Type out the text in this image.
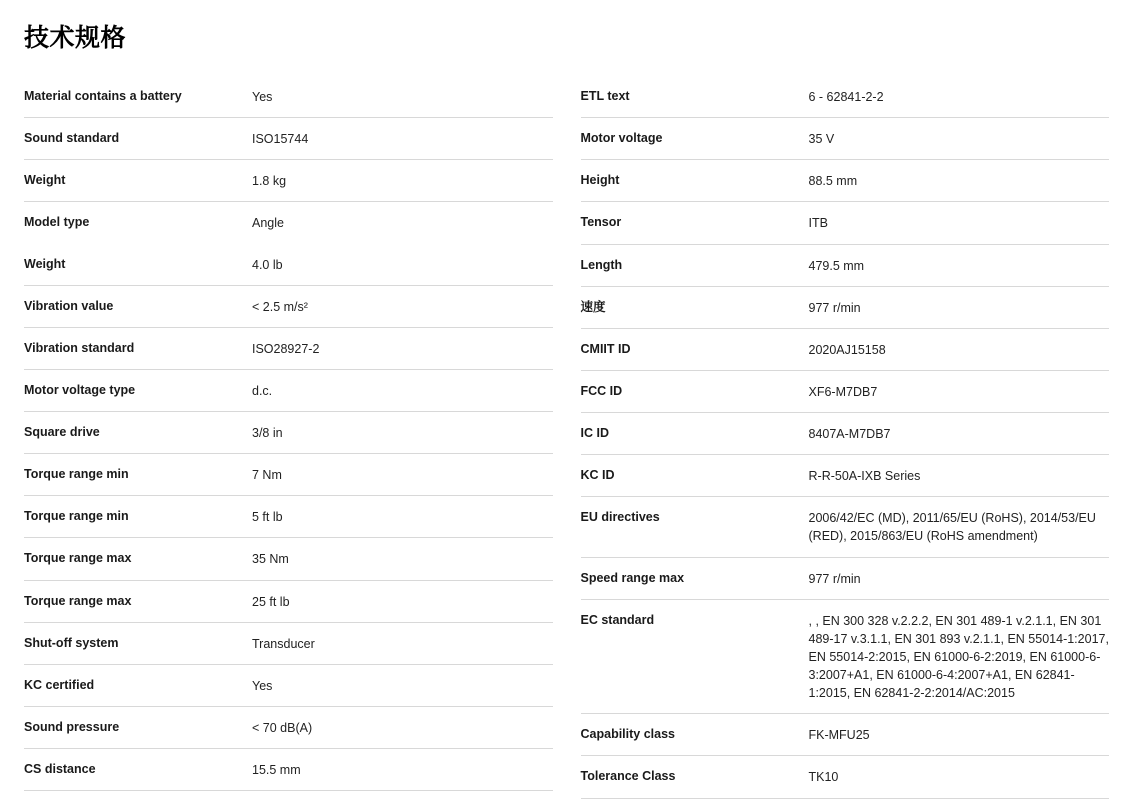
技术规格
Material contains a battery	Yes
Sound standard	ISO15744
Weight	1.8 kg
Model type	Angle
Weight	4.0 lb
Vibration value	< 2.5 m/s²
Vibration standard	ISO28927-2
Motor voltage type	d.c.
Square drive	3/8 in
Torque range min	7 Nm
Torque range min	5 ft lb
Torque range max	35 Nm
Torque range max	25 ft lb
Shut-off system	Transducer
KC certified	Yes
Sound pressure	< 70 dB(A)
CS distance	15.5 mm
ETL text	6 - 62841-2-2
Motor voltage	35 V
Height	88.5 mm
Tensor	ITB
Length	479.5 mm
速度	977 r/min
CMIIT ID	2020AJ15158
FCC ID	XF6-M7DB7
IC ID	8407A-M7DB7
KC ID	R-R-50A-IXB Series
EU directives	2006/42/EC (MD), 2011/65/EU (RoHS), 2014/53/EU (RED), 2015/863/EU (RoHS amendment)
Speed range max	977 r/min
EC standard	, , EN 300 328 v.2.2.2, EN 301 489-1 v.2.1.1, EN 301 489-17 v.3.1.1, EN 301 893 v.2.1.1, EN 55014-1:2017, EN 55014-2:2015, EN 61000-6-2:2019, EN 61000-6-3:2007+A1, EN 61000-6-4:2007+A1, EN 62841-1:2015, EN 62841-2-2:2014/AC:2015
Capability class	FK-MFU25
Tolerance Class	TK10
